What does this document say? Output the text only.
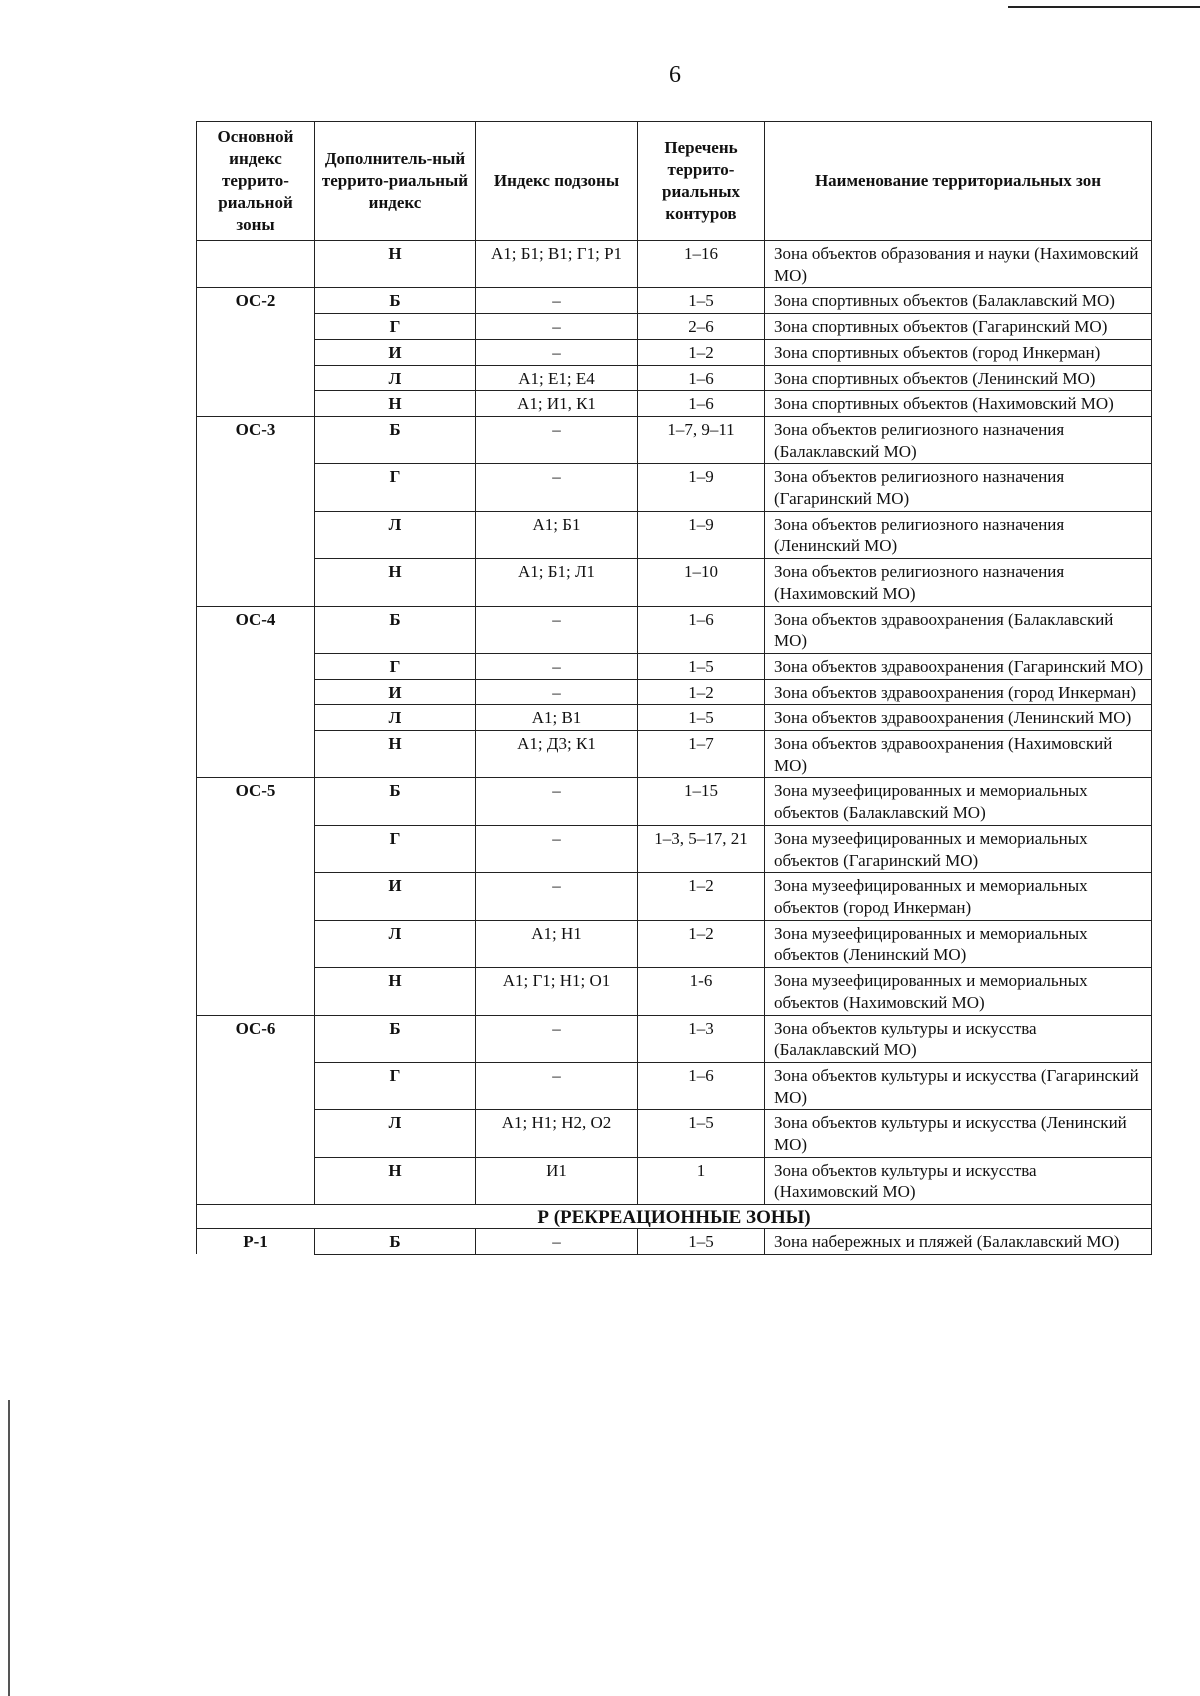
6
Основной индекс террито-риальной зоны	Дополнитель-ный террито-риальный индекс	Индекс подзоны	Перечень террито-риальных контуров	Наименование территориальных зон
	Н	А1; Б1; В1; Г1; Р1	1–16	Зона объектов образования и науки (Нахимовский МО)
ОС-2	Б	–	1–5	Зона спортивных объектов (Балаклавский МО)
	Г	–	2–6	Зона спортивных объектов (Гагаринский МО)
	И	–	1–2	Зона спортивных объектов (город Инкерман)
	Л	А1; Е1; Е4	1–6	Зона спортивных объектов (Ленинский МО)
	Н	А1; И1, К1	1–6	Зона спортивных объектов (Нахимовский МО)
ОС-3	Б	–	1–7, 9–11	Зона объектов религиозного назначения (Балаклавский МО)
	Г	–	1–9	Зона объектов религиозного назначения (Гагаринский МО)
	Л	А1; Б1	1–9	Зона объектов религиозного назначения (Ленинский МО)
	Н	А1; Б1; Л1	1–10	Зона объектов религиозного назначения (Нахимовский МО)
ОС-4	Б	–	1–6	Зона объектов здравоохранения (Балаклавский МО)
	Г	–	1–5	Зона объектов здравоохранения (Гагаринский МО)
	И	–	1–2	Зона объектов здравоохранения (город Инкерман)
	Л	А1; В1	1–5	Зона объектов здравоохранения (Ленинский МО)
	Н	А1; Д3; К1	1–7	Зона объектов здравоохранения (Нахимовский МО)
ОС-5	Б	–	1–15	Зона музеефицированных и мемориальных объектов (Балаклавский МО)
	Г	–	1–3, 5–17, 21	Зона музеефицированных и мемориальных объектов (Гагаринский МО)
	И	–	1–2	Зона музеефицированных и мемориальных объектов (город Инкерман)
	Л	А1; Н1	1–2	Зона музеефицированных и мемориальных объектов (Ленинский МО)
	Н	А1; Г1; Н1; О1	1-6	Зона музеефицированных и мемориальных объектов (Нахимовский МО)
ОС-6	Б	–	1–3	Зона объектов культуры и искусства (Балаклавский МО)
	Г	–	1–6	Зона объектов культуры и искусства (Гагаринский МО)
	Л	А1; Н1; Н2, О2	1–5	Зона объектов культуры и искусства (Ленинский МО)
	Н	И1	1	Зона объектов культуры и искусства (Нахимовский МО)
Р (РЕКРЕАЦИОННЫЕ ЗОНЫ)				
Р-1	Б	–	1–5	Зона набережных и пляжей (Балаклавский МО)
